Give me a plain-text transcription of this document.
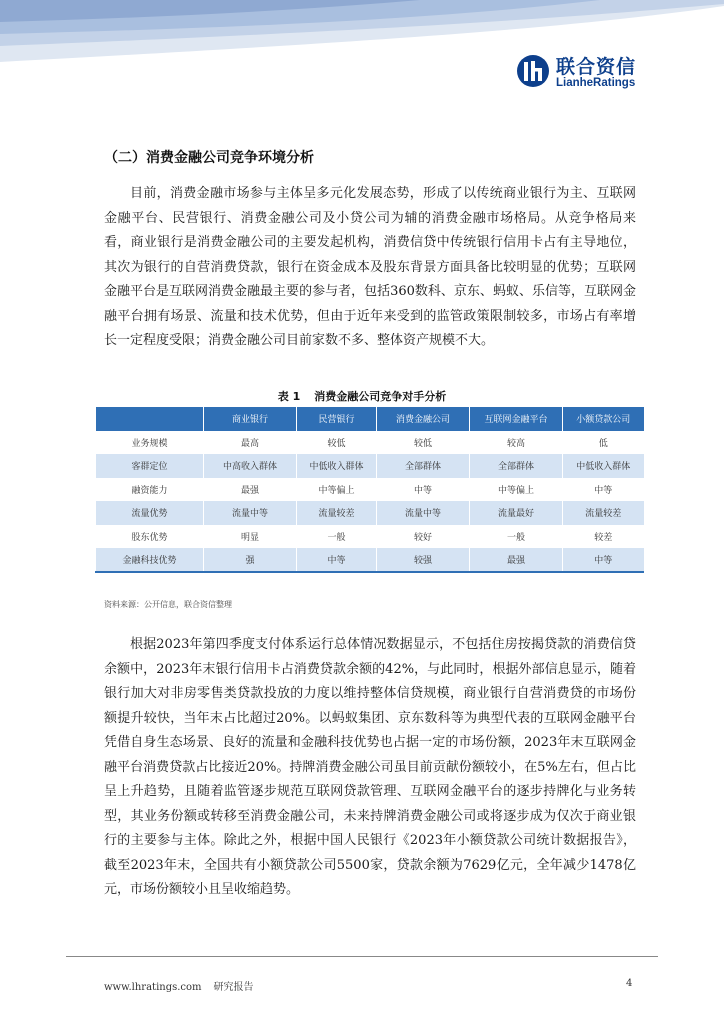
联合资信
LianheRatings
（二）消费金融公司竞争环境分析

目前，消费金融市场参与主体呈多元化发展态势，形成了以传统商业银行为主、互联网金融平台、民营银行、消费金融公司及小贷公司为辅的消费金融市场格局。从竞争格局来看，商业银行是消费金融公司的主要发起机构，消费信贷中传统银行信用卡占有主导地位，其次为银行的自营消费贷款，银行在资金成本及股东背景方面具备比较明显的优势；互联网金融平台是互联网消费金融最主要的参与者，包括360数科、京东、蚂蚁、乐信等，互联网金融平台拥有场景、流量和技术优势，但由于近年来受到的监管政策限制较多，市场占有率增长一定程度受限；消费金融公司目前家数不多、整体资产规模不大。

表 1 消费金融公司竞争对手分析
	商业银行	民营银行	消费金融公司	互联网金融平台	小额贷款公司
业务规模	最高	较低	较低	较高	低
客群定位	中高收入群体	中低收入群体	全部群体	全部群体	中低收入群体
融资能力	最强	中等偏上	中等	中等偏上	中等
流量优势	流量中等	流量较差	流量中等	流量最好	流量较差
股东优势	明显	一般	较好	一般	较差
金融科技优势	强	中等	较强	最强	中等
资料来源：公开信息，联合资信整理

根据2023年第四季度支付体系运行总体情况数据显示，不包括住房按揭贷款的消费信贷余额中，2023年末银行信用卡占消费贷款余额的42%，与此同时，根据外部信息显示，随着银行加大对非房零售类贷款投放的力度以维持整体信贷规模，商业银行自营消费贷的市场份额提升较快，当年末占比超过20%。以蚂蚁集团、京东数科等为典型代表的互联网金融平台凭借自身生态场景、良好的流量和金融科技优势也占据一定的市场份额，2023年末互联网金融平台消费贷款占比接近20%。持牌消费金融公司虽目前贡献份额较小，在5%左右，但占比呈上升趋势，且随着监管逐步规范互联网贷款管理、互联网金融平台的逐步持牌化与业务转型，其业务份额或转移至消费金融公司，未来持牌消费金融公司或将逐步成为仅次于商业银行的主要参与主体。除此之外，根据中国人民银行《2023年小额贷款公司统计数据报告》，截至2023年末，全国共有小额贷款公司5500家，贷款余额为7629亿元，全年减少1478亿元，市场份额较小且呈收缩趋势。

www.lhratings.com 研究报告	4
